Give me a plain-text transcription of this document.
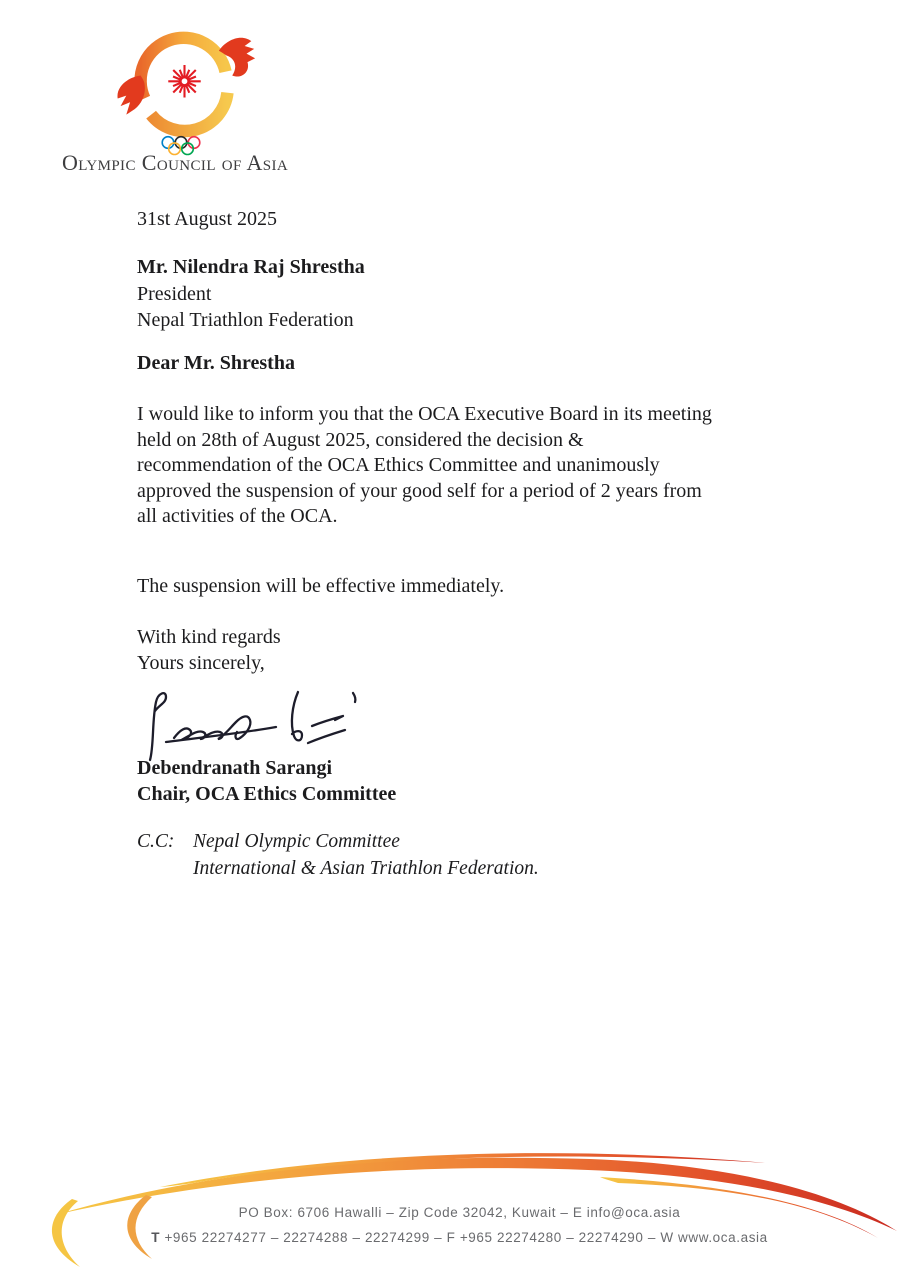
Olympic Council of Asia
31st August 2025
Mr. Nilendra Raj Shrestha
President
Nepal Triathlon Federation
Dear Mr. Shrestha
I would like to inform you that the OCA Executive Board in its meeting
held on 28th of August 2025, considered the decision &
recommendation of the OCA Ethics Committee and unanimously
approved the suspension of your good self for a period of 2 years from
all activities of the OCA.
The suspension will be effective immediately.
With kind regards
Yours sincerely,
Debendranath Sarangi
Chair, OCA Ethics Committee
C.C: Nepal Olympic Committee
International & Asian Triathlon Federation.
PO Box: 6706 Hawalli – Zip Code 32042, Kuwait – E info@oca.asia
T +965 22274277 – 22274288 – 22274299 – F +965 22274280 – 22274290 – W www.oca.asia
